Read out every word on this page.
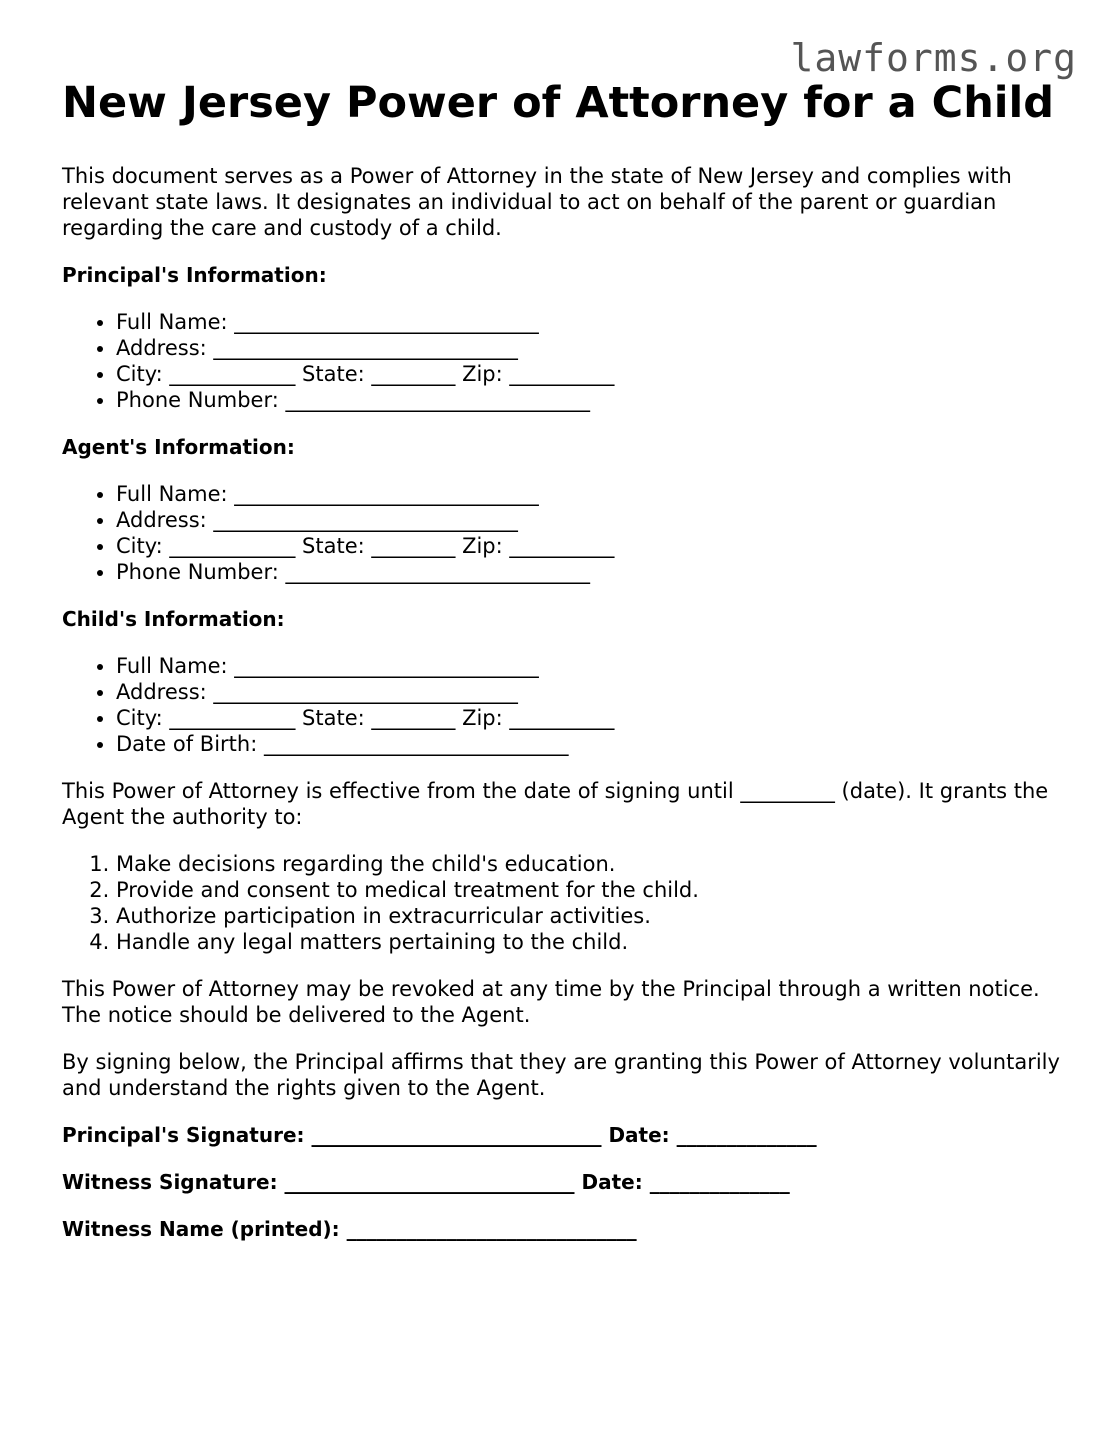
lawforms.org
New Jersey Power of Attorney for a Child

This document serves as a Power of Attorney in the state of New Jersey and complies with relevant state laws. It designates an individual to act on behalf of the parent or guardian regarding the care and custody of a child.

Principal's Information:
• Full Name: _____________________________
• Address: _____________________________
• City: ____________ State: ________ Zip: __________
• Phone Number: _____________________________
Agent's Information:
• Full Name: _____________________________
• Address: _____________________________
• City: ____________ State: ________ Zip: __________
• Phone Number: _____________________________
Child's Information:
• Full Name: _____________________________
• Address: _____________________________
• City: ____________ State: ________ Zip: __________
• Date of Birth: _____________________________

This Power of Attorney is effective from the date of signing until _________ (date). It grants the Agent the authority to:

1. Make decisions regarding the child's education.
2. Provide and consent to medical treatment for the child.
3. Authorize participation in extracurricular activities.
4. Handle any legal matters pertaining to the child.

This Power of Attorney may be revoked at any time by the Principal through a written notice. The notice should be delivered to the Agent.

By signing below, the Principal affirms that they are granting this Power of Attorney voluntarily and understand the rights given to the Agent.

Principal's Signature: _____________________________ Date: ______________
Witness Signature: _____________________________ Date: ______________
Witness Name (printed): _____________________________
